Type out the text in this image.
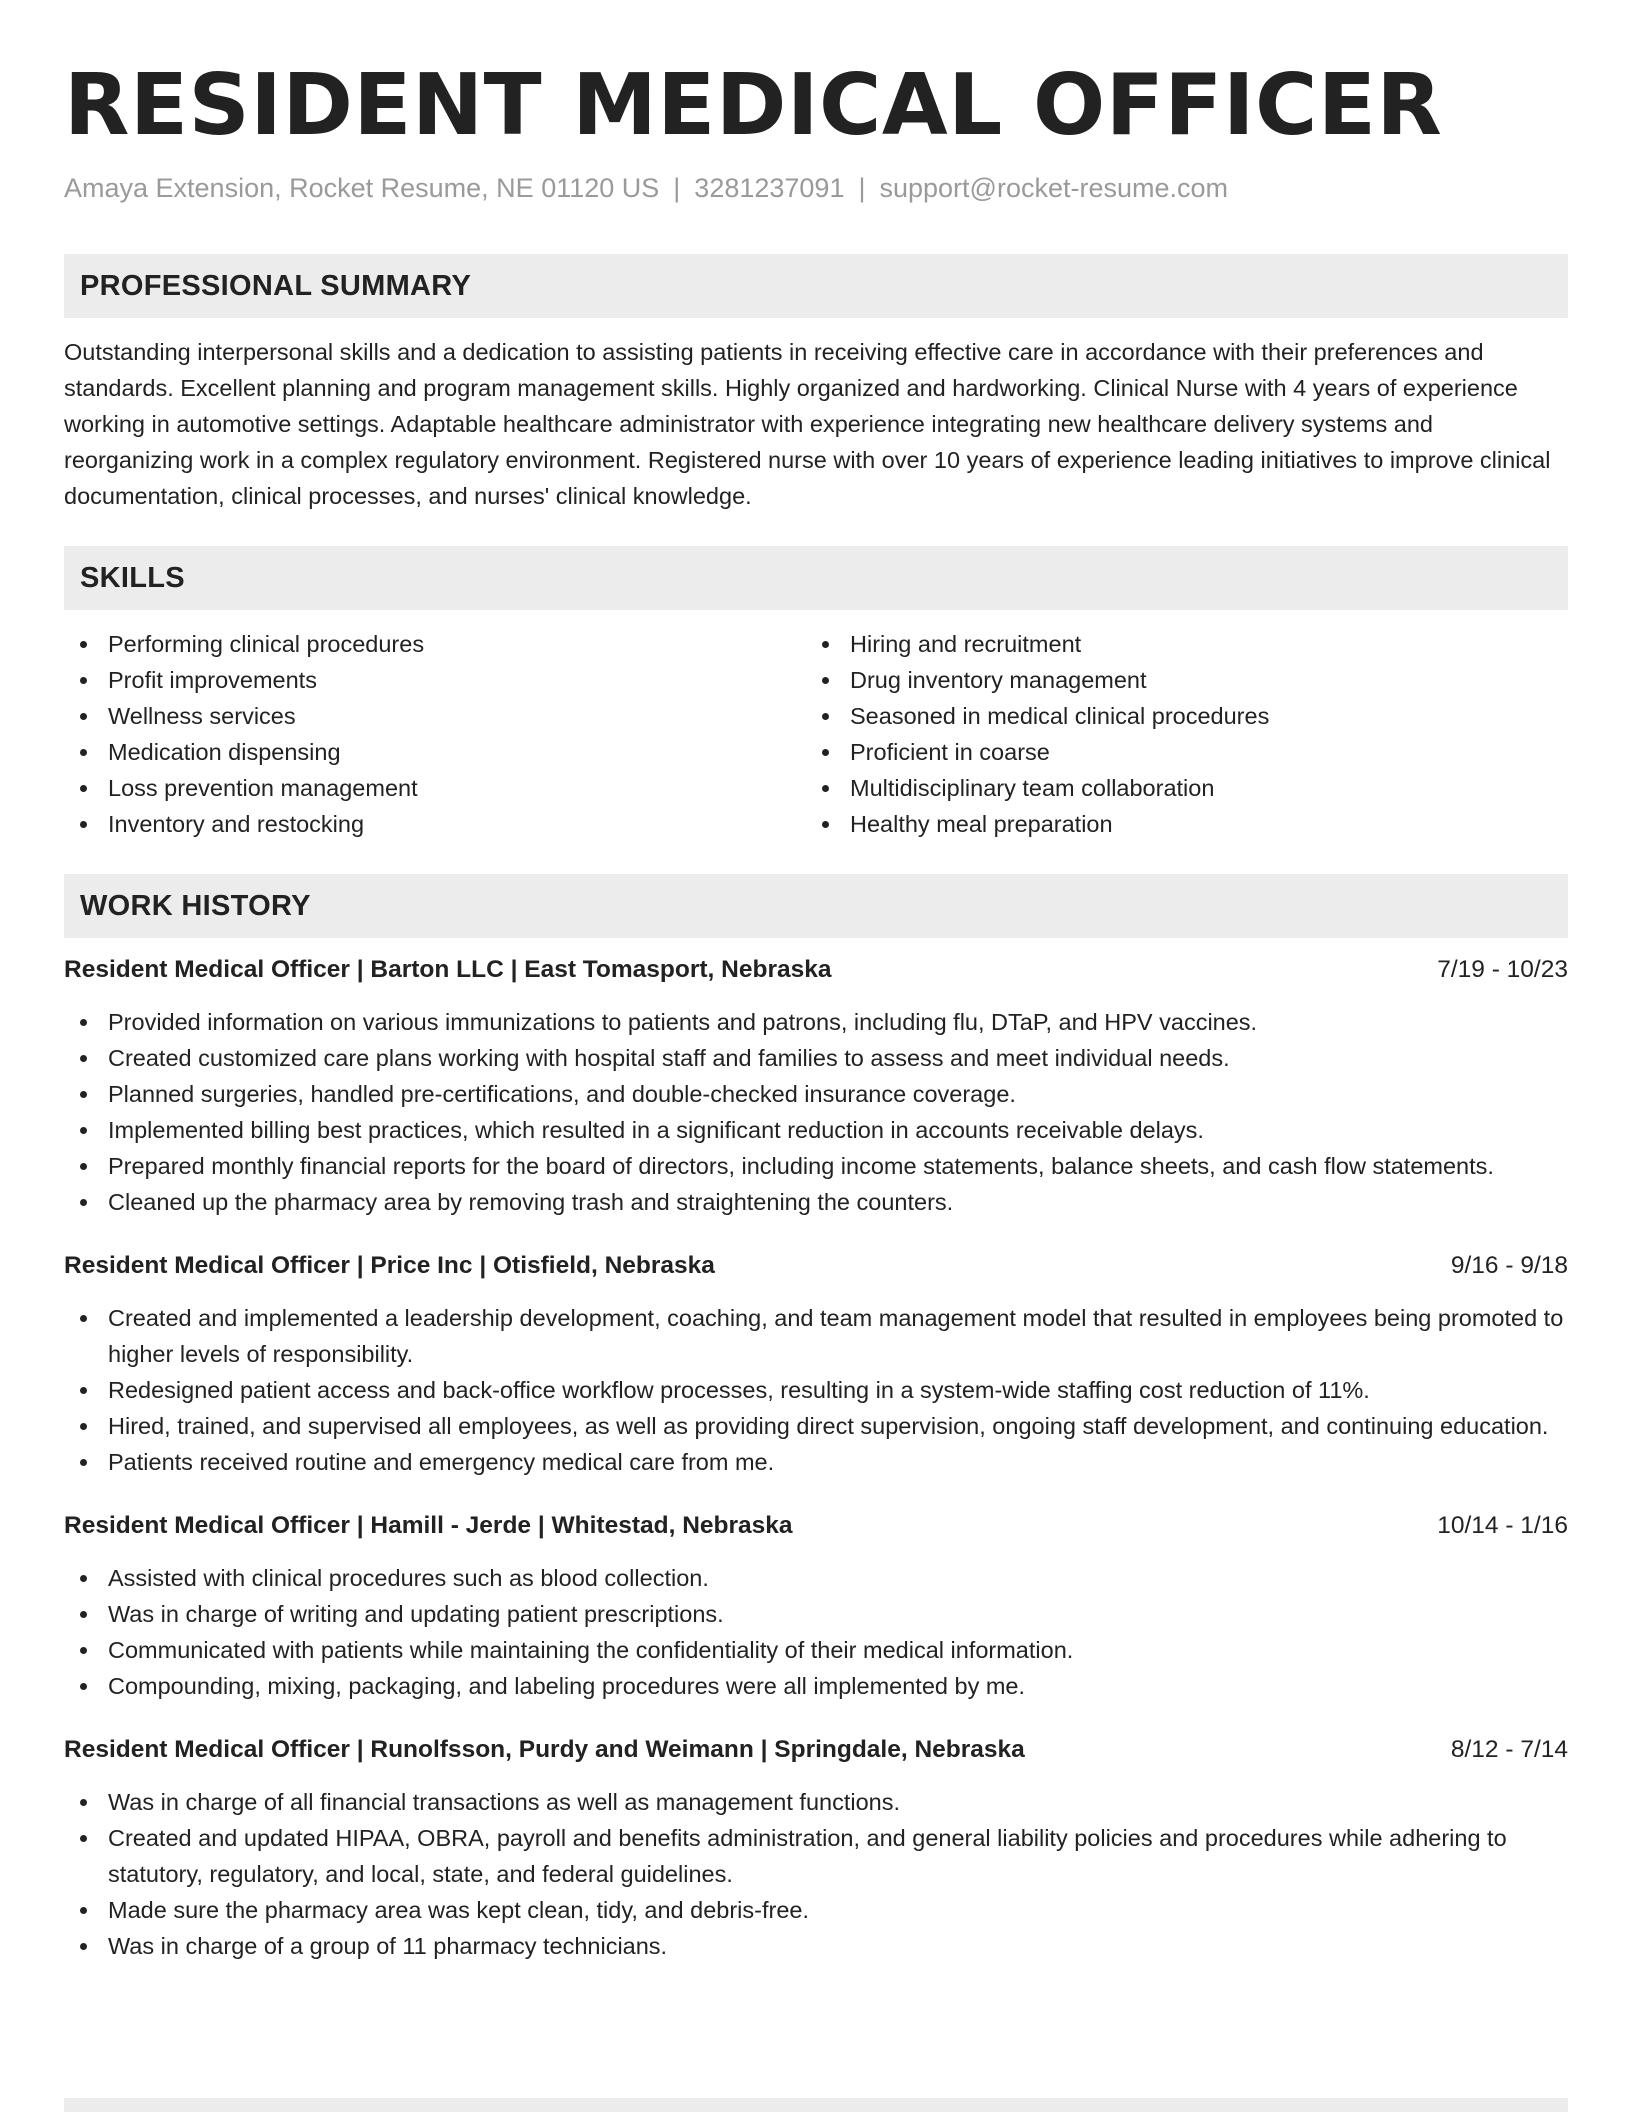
RESIDENT MEDICAL OFFICER
Amaya Extension, Rocket Resume, NE 01120 US | 3281237091 | support@rocket-resume.com
PROFESSIONAL SUMMARY
Outstanding interpersonal skills and a dedication to assisting patients in receiving effective care in accordance with their preferences and standards. Excellent planning and program management skills. Highly organized and hardworking. Clinical Nurse with 4 years of experience working in automotive settings. Adaptable healthcare administrator with experience integrating new healthcare delivery systems and reorganizing work in a complex regulatory environment. Registered nurse with over 10 years of experience leading initiatives to improve clinical documentation, clinical processes, and nurses' clinical knowledge.
SKILLS
Performing clinical procedures
Profit improvements
Wellness services
Medication dispensing
Loss prevention management
Inventory and restocking
Hiring and recruitment
Drug inventory management
Seasoned in medical clinical procedures
Proficient in coarse
Multidisciplinary team collaboration
Healthy meal preparation
WORK HISTORY
Resident Medical Officer | Barton LLC | East Tomasport, Nebraska	7/19 - 10/23
Provided information on various immunizations to patients and patrons, including flu, DTaP, and HPV vaccines.
Created customized care plans working with hospital staff and families to assess and meet individual needs.
Planned surgeries, handled pre-certifications, and double-checked insurance coverage.
Implemented billing best practices, which resulted in a significant reduction in accounts receivable delays.
Prepared monthly financial reports for the board of directors, including income statements, balance sheets, and cash flow statements.
Cleaned up the pharmacy area by removing trash and straightening the counters.
Resident Medical Officer | Price Inc | Otisfield, Nebraska	9/16 - 9/18
Created and implemented a leadership development, coaching, and team management model that resulted in employees being promoted to higher levels of responsibility.
Redesigned patient access and back-office workflow processes, resulting in a system-wide staffing cost reduction of 11%.
Hired, trained, and supervised all employees, as well as providing direct supervision, ongoing staff development, and continuing education.
Patients received routine and emergency medical care from me.
Resident Medical Officer | Hamill - Jerde | Whitestad, Nebraska	10/14 - 1/16
Assisted with clinical procedures such as blood collection.
Was in charge of writing and updating patient prescriptions.
Communicated with patients while maintaining the confidentiality of their medical information.
Compounding, mixing, packaging, and labeling procedures were all implemented by me.
Resident Medical Officer | Runolfsson, Purdy and Weimann | Springdale, Nebraska	8/12 - 7/14
Was in charge of all financial transactions as well as management functions.
Created and updated HIPAA, OBRA, payroll and benefits administration, and general liability policies and procedures while adhering to statutory, regulatory, and local, state, and federal guidelines.
Made sure the pharmacy area was kept clean, tidy, and debris-free.
Was in charge of a group of 11 pharmacy technicians.
